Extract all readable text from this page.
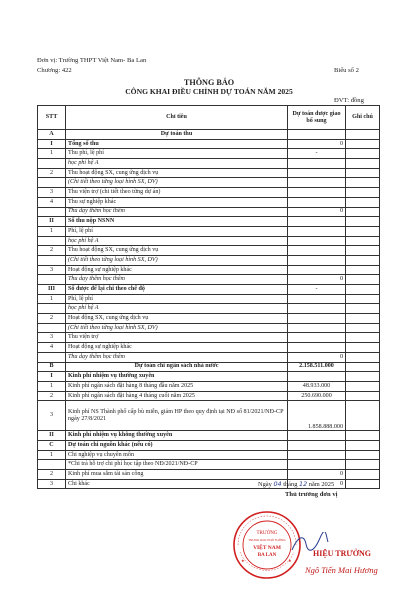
Đơn vị: Trường THPT Việt Nam- Ba Lan
Chương: 422	Biểu số 2
THÔNG BÁO
CÔNG KHAI ĐIỀU CHỈNH DỰ TOÁN NĂM 2025
ĐVT: đồng
STT	Chỉ tiêu	Dự toán được giao bổ sung	Ghi chú
A	Dự toán thu		
I	Tổng số thu	0	
1	Thu phí, lệ phí	-	
	học phí hệ A		
2	Thu hoạt động SX, cung ứng dịch vụ		
	(Chi tiết theo từng loại hình SX, DV)		
3	Thu viện trợ (chi tiết theo từng dự án)		
4	Thu sự nghiệp khác		
	Thu dạy thêm học thêm	0	
II	Số thu nộp NSNN		
1	Phí, lệ phí		
	học phí hệ A		
2	Thu hoạt động SX, cung ứng dịch vụ		
	(Chi tiết theo từng loại hình SX, DV)		
3	Hoạt động sự nghiệp khác		
	Thu dạy thêm học thêm	0	
III	Số được để lại chi theo chế độ	-	
1	Phí, lệ phí		
	học phí hệ A		
2	Hoạt động SX, cung ứng dịch vụ		
	(Chi tiết theo từng loại hình SX, DV)		
3	Thu viện trợ		
4	Hoạt động sự nghiệp khác		
	Thu dạy thêm học thêm	0	
B	Dự toán chi ngân sách nhà nước	2.158.511.000	
I	Kinh phí nhiệm vụ thường xuyên		
1	Kinh phí ngân sách đặt hàng 8 tháng đầu năm 2025	48.933.000	
2	Kinh phí ngân sách đặt hàng 4 tháng cuối năm 2025	250.690.000	
3	Kinh phí NS Thành phố cấp bù miễn, giảm HP theo quy định tại NĐ số 81/2021/NĐ-CP ngày 27/8/2021	1.858.888.000	
II	Kinh phí nhiệm vụ không thường xuyên		
C	Dự toán chi nguồn khác (nếu có)		
1	Chi nghiệp vụ chuyên môn		
	*Chi trả hỗ trợ chi phí học tập theo NĐ/2021/NĐ-CP		
2	Kinh phí mua sắm tài sản công	0	
3	Chi khác	0	
Ngày 04 tháng 12 năm 2025
Thủ trưởng đơn vị
TRƯỜNG
TRUNG HỌC PHỔ THÔNG
VIỆT NAM
BA LAN
★	★
HIỆU TRƯỞNG
Ngô Tiến Mai Hương
